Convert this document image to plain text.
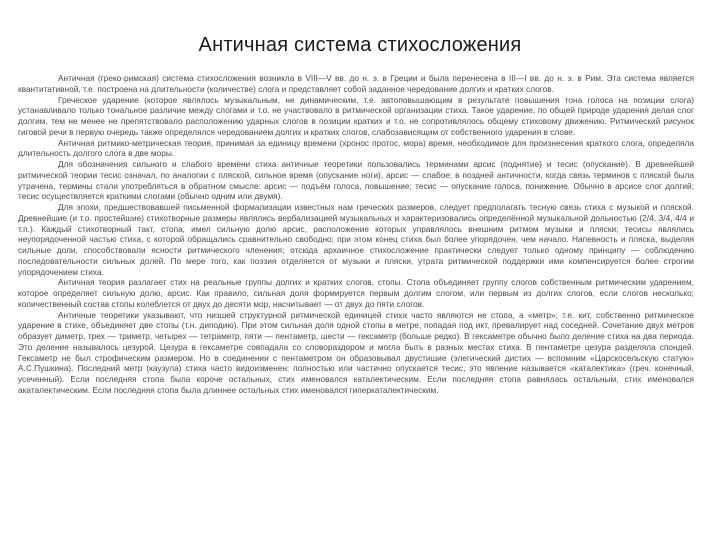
Античная система стихосложения

Античная (греко-римская) система стихосложения возникла в VIII—V вв. до н. э. в Греции и была перенесена в III—I вв. до н. э. в Рим. Эта система является квантитативной, т.е. построена на длительности (количестве) слога и представляет собой заданное чередование долгих и кратких слогов.

Греческое ударение (которое являлось музыкальным, не динамическим, т.е. автоповышающим в результате повышения тона голоса на позиции слога) устанавливало только тональное различие между слогами и т.о. не участвовало в ритмической организации стиха. Такое ударение, по общей природе ударения делая слог долгим, тем не менее не препятствовало расположению ударных слогов в позиции кратких и т.о. не сопротивлялось общему стиховому движению. Ритмический рисунок гиговой речи в первую очередь также определялся чередованием долгих и кратких слогов, слабозависящим от собственного ударения в слове.

Античная ритмико-метрическая теория, принимая за единицу времени (хронос протос, мора) время, необходимое для произнесения краткого слога, определяла длительность долгого слога в две моры.

Для обозначения сильного и слабого времени стиха античные теоретики пользовались терминами арсис (поднятие) и тесис (опускание). В древнейшей ритмической теории тесис означал, по аналогии с пляской, сильное время (опускание ноги), арсис — слабое; в поздней античности, когда связь терминов с пляской была утрачена, термины стали употребляться в обратном смысле: арсис — подъём голоса, повышение; тесис — опускание голоса, понижение. Обычно в арсисе слог долгий; тесис осуществляется краткими слогами (обычно одним или двумя).

Для эпохи, предшествовавшей письменной формализации известных нам греческих размеров, следует предполагать тесную связь стиха с музыкой и пляской. Древнейшие (и т.о. простейшие) стихотворные размеры являлись вербализацией музыкальных и характеризовались определённой музыкальной дольностью (2/4, 3/4, 4/4 и т.п.). Каждый стихотворный такт, стопа, имел сильную долю арсис, расположение которых управлялось внешним ритмом музыки и пляски; тесисы являлись неупорядоченной частью стиха, с которой обращались сравнительно свободно; при этом конец стиха был более упорядочен, чем начало. Напевность и пляска, выделяя сильные доли, способствовали ясности ритмического членения; отсюда архаичное стихосложение практически следует только одному принципу — соблюдению последовательности сильных долей. По мере того, как поэзия отделяется от музыки и пляски, утрата ритмической поддержки ими компенсируется более строгим упорядочением стиха.

Античная теория разлагает стих на реальные группы долгих и кратких слогов, стопы. Стопа объединяет группу слогов собственным ритмическим ударением, которое определяет сильную долю, арсис. Как правило, сильная доля формируется первым долгим слогом, или первым из долгих слогов, если слогов несколько; количественный состав стопы колеблется от двух до десяти мор, насчитывает — от двух до пяти слогов.

Античные теоретики указывают, что низшей структурной ритмической единицей стиха часто являются не стопа, а «метр», т.е. кит, собственно ритмическое ударение в стихе, объединяет две стопы (т.н. диподию). При этом сильная доля одной стопы в метре, попадая под икт, превалирует над соседней. Сочетание двух метров образует диметр, трех — триметр, четырех — тетраметр, пяти — пентаметр, шести — гексаметр (больше редко). В гексаметре обычно было деление стиха на два периода. Это деление называлось цезурой. Цезура в гексаметре совпадала со словораздором и могла быть в разных местах стиха. В пентаметре цезура разделяла спондей. Гексаметр не был строфическим размером. Но в соединении с пентаметром он образовывал двустишие (элегический дистих — вспомним «Царскосельскую статую» А.С.Пушкина). Последний метр (каузула) стиха часто видоизменен: полностью или частично опускается тесис, это явление называется «каталектика» (греч. конечный, усеченный). Если последняя стопа была короче остальных, стих именовался каталектическим. Если последняя стопа равнялась остальным, стих именовался акаталектическим. Если последняя стопа была длиннее остальных стих именовался гиперкаталектическим.
